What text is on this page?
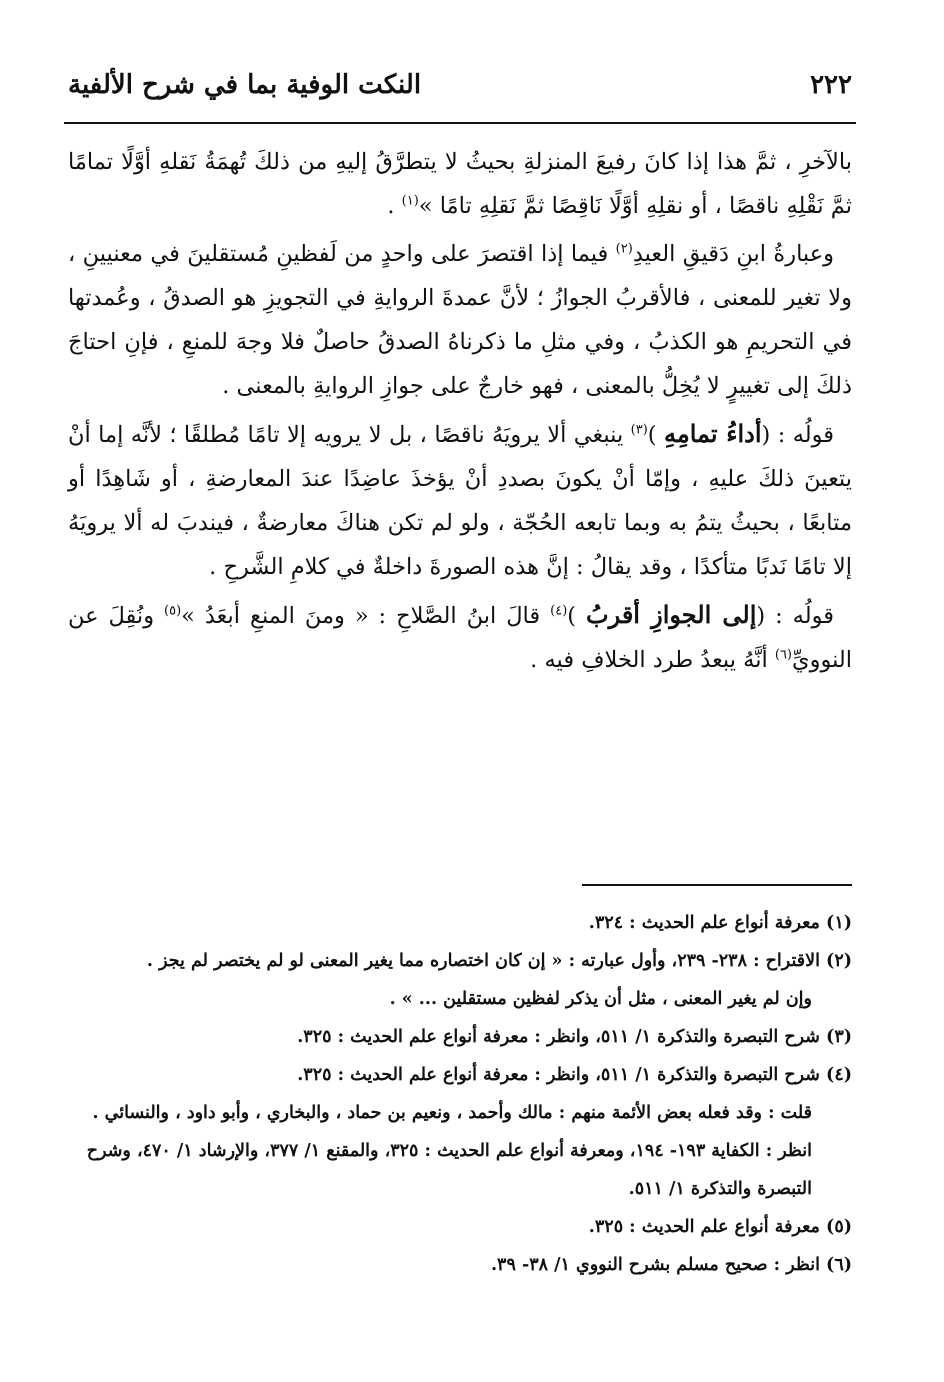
٢٢٢
النكت الوفية بما في شرح الألفية

بالآخرِ ، ثمَّ هذا إذا كانَ رفيعَ المنزلةِ بحيثُ لا يتطرَّقُ إليهِ من ذلكَ تُهمَةُ نَقلهِ أوَّلًا تمامًا ثمَّ نَقْلِهِ ناقصًا ، أو نقلِهِ أوَّلًا نَاقِصًا ثمَّ نَقلِهِ تامًا »$^{(١)}$ .

وعبارةُ ابنِ دَقيقِ العيدِ$^{(٢)}$ فيما إذا اقتصرَ على واحدٍ من لَفظينِ مُستقلينَ في معنيينِ ، ولا تغير للمعنى ، فالأقربُ الجوازُ ؛ لأنَّ عمدةَ الروايةِ في التجويزِ هو الصدقُ ، وعُمدتها في التحريمِ هو الكذبُ ، وفي مثلِ ما ذكرناهُ الصدقُ حاصلٌ فلا وجهَ للمنعِ ، فإنِ احتاجَ ذلكَ إلى تغييرٍ لا يُخِلُّ بالمعنى ، فهو خارجٌ على جوازِ الروايةِ بالمعنى .

قولُه : (أداءُ تمامِهِ )$^{(٣)}$ ينبغي ألا يرويَهُ ناقصًا ، بل لا يرويه إلا تامًا مُطلقًا ؛ لأنَّه إما أنْ يتعينَ ذلكَ عليهِ ، وإمّا أنْ يكونَ بصددِ أنْ يؤخذَ عاضِدًا عندَ المعارضةِ ، أو شَاهِدًا أو متابعًا ، بحيثُ يتمُ به وبما تابعه الحُجّة ، ولو لم تكن هناكَ معارضةٌ ، فيندبَ له ألا يرويَهُ إلا تامًا نَدبًا متأكدًا ، وقد يقالُ : إنَّ هذه الصورةَ داخلةٌ في كلامِ الشَّرحِ .

قولُه : (إلى الجوازِ أقربُ )$^{(٤)}$ قالَ ابنُ الصَّلاحِ : « ومنَ المنعِ أبعَدُ »$^{(٥)}$ ونُقِلَ عن النوويِّ$^{(٦)}$ أنَّهُ يبعدُ طرد الخلافِ فيه .

(١) معرفة أنواع علم الحديث : ٣٢٤.

(٢) الاقتراح : ٢٣٨- ٢٣٩، وأول عبارته : « إن كان اختصاره مما يغير المعنى لو لم يختصر لم يجز .

وإن لم يغير المعنى ، مثل أن يذكر لفظين مستقلين ... » .

(٣) شرح التبصرة والتذكرة ١/ ٥١١، وانظر : معرفة أنواع علم الحديث : ٣٢٥.

(٤) شرح التبصرة والتذكرة ١/ ٥١١، وانظر : معرفة أنواع علم الحديث : ٣٢٥.

قلت : وقد فعله بعض الأئمة منهم : مالك وأحمد ، ونعيم بن حماد ، والبخاري ، وأبو داود ، والنسائي . انظر : الكفاية ١٩٣- ١٩٤، ومعرفة أنواع علم الحديث : ٣٢٥، والمقنع ١/ ٣٧٧، والإرشاد ١/ ٤٧٠، وشرح التبصرة والتذكرة ١/ ٥١١.

(٥) معرفة أنواع علم الحديث : ٣٢٥.

(٦) انظر : صحيح مسلم بشرح النووي ١/ ٣٨- ٣٩.
